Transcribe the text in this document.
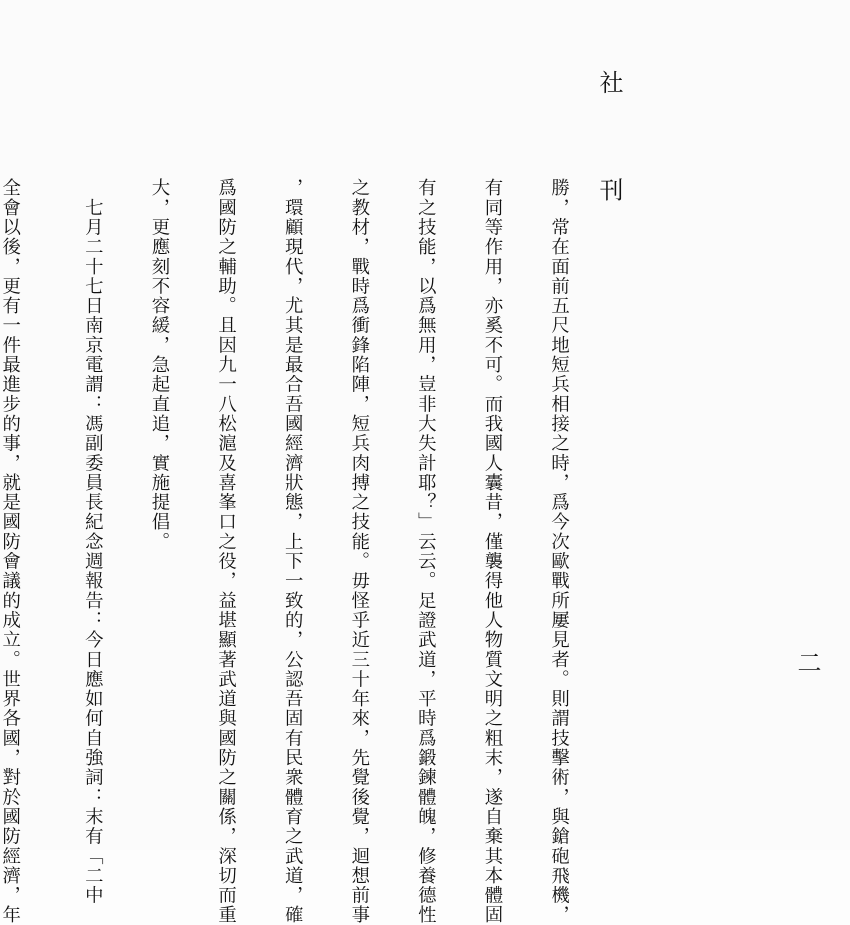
社 刊
二

勝，常在面前五尺地短兵相接之時，爲今次歐戰所屢見者。則謂技擊術，與鎗砲飛機，

有同等作用，亦奚不可。而我國人囊昔，僅襲得他人物質文明之粗末，遂自棄其本體固

有之技能，以爲無用，豈非大失計耶？」云云。足證武道，平時爲鍛鍊體魄，修養德性

之教材，戰時爲衝鋒陷陣，短兵肉搏之技能。毋怪乎近三十年來，先覺後覺，迴想前事

，環顧現代，尤其是最合吾國經濟狀態，上下一致的，公認吾固有民衆體育之武道，確

爲國防之輔助。且因九一八松滬及喜峯口之役，益堪顯著武道與國防之關係，深切而重

大，更應刻不容緩，急起直追，實施提倡。

　七月二十七日南京電謂：馮副委員長紀念週報告：今日應如何自強詞：末有「二中

全會以後，更有一件最進步的事，就是國防會議的成立。世界各國，對於國防經濟，年
